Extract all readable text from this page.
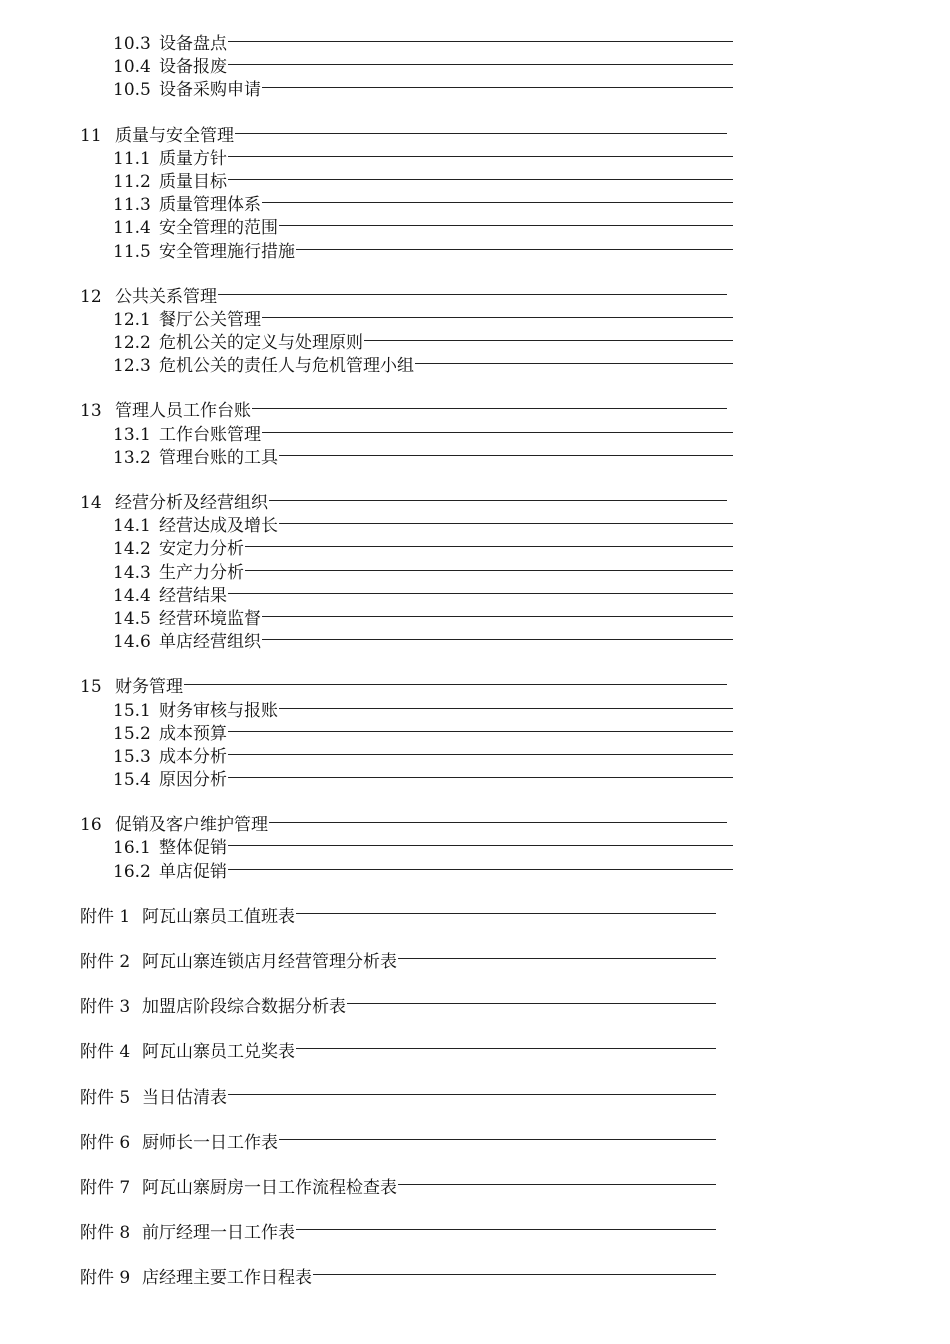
10.3 设备盘点
10.4 设备报废
10.5 设备采购申请
11 质量与安全管理
11.1 质量方针
11.2 质量目标
11.3 质量管理体系
11.4 安全管理的范围
11.5 安全管理施行措施
12 公共关系管理
12.1 餐厅公关管理
12.2 危机公关的定义与处理原则
12.3 危机公关的责任人与危机管理小组
13 管理人员工作台账
13.1 工作台账管理
13.2 管理台账的工具
14 经营分析及经营组织
14.1 经营达成及增长
14.2 安定力分析
14.3 生产力分析
14.4 经营结果
14.5 经营环境监督
14.6 单店经营组织
15 财务管理
15.1 财务审核与报账
15.2 成本预算
15.3 成本分析
15.4 原因分析
16 促销及客户维护管理
16.1 整体促销
16.2 单店促销
附件 1 阿瓦山寨员工值班表
附件 2 阿瓦山寨连锁店月经营管理分析表
附件 3 加盟店阶段综合数据分析表
附件 4 阿瓦山寨员工兑奖表
附件 5 当日估清表
附件 6 厨师长一日工作表
附件 7 阿瓦山寨厨房一日工作流程检查表
附件 8 前厅经理一日工作表
附件 9 店经理主要工作日程表
